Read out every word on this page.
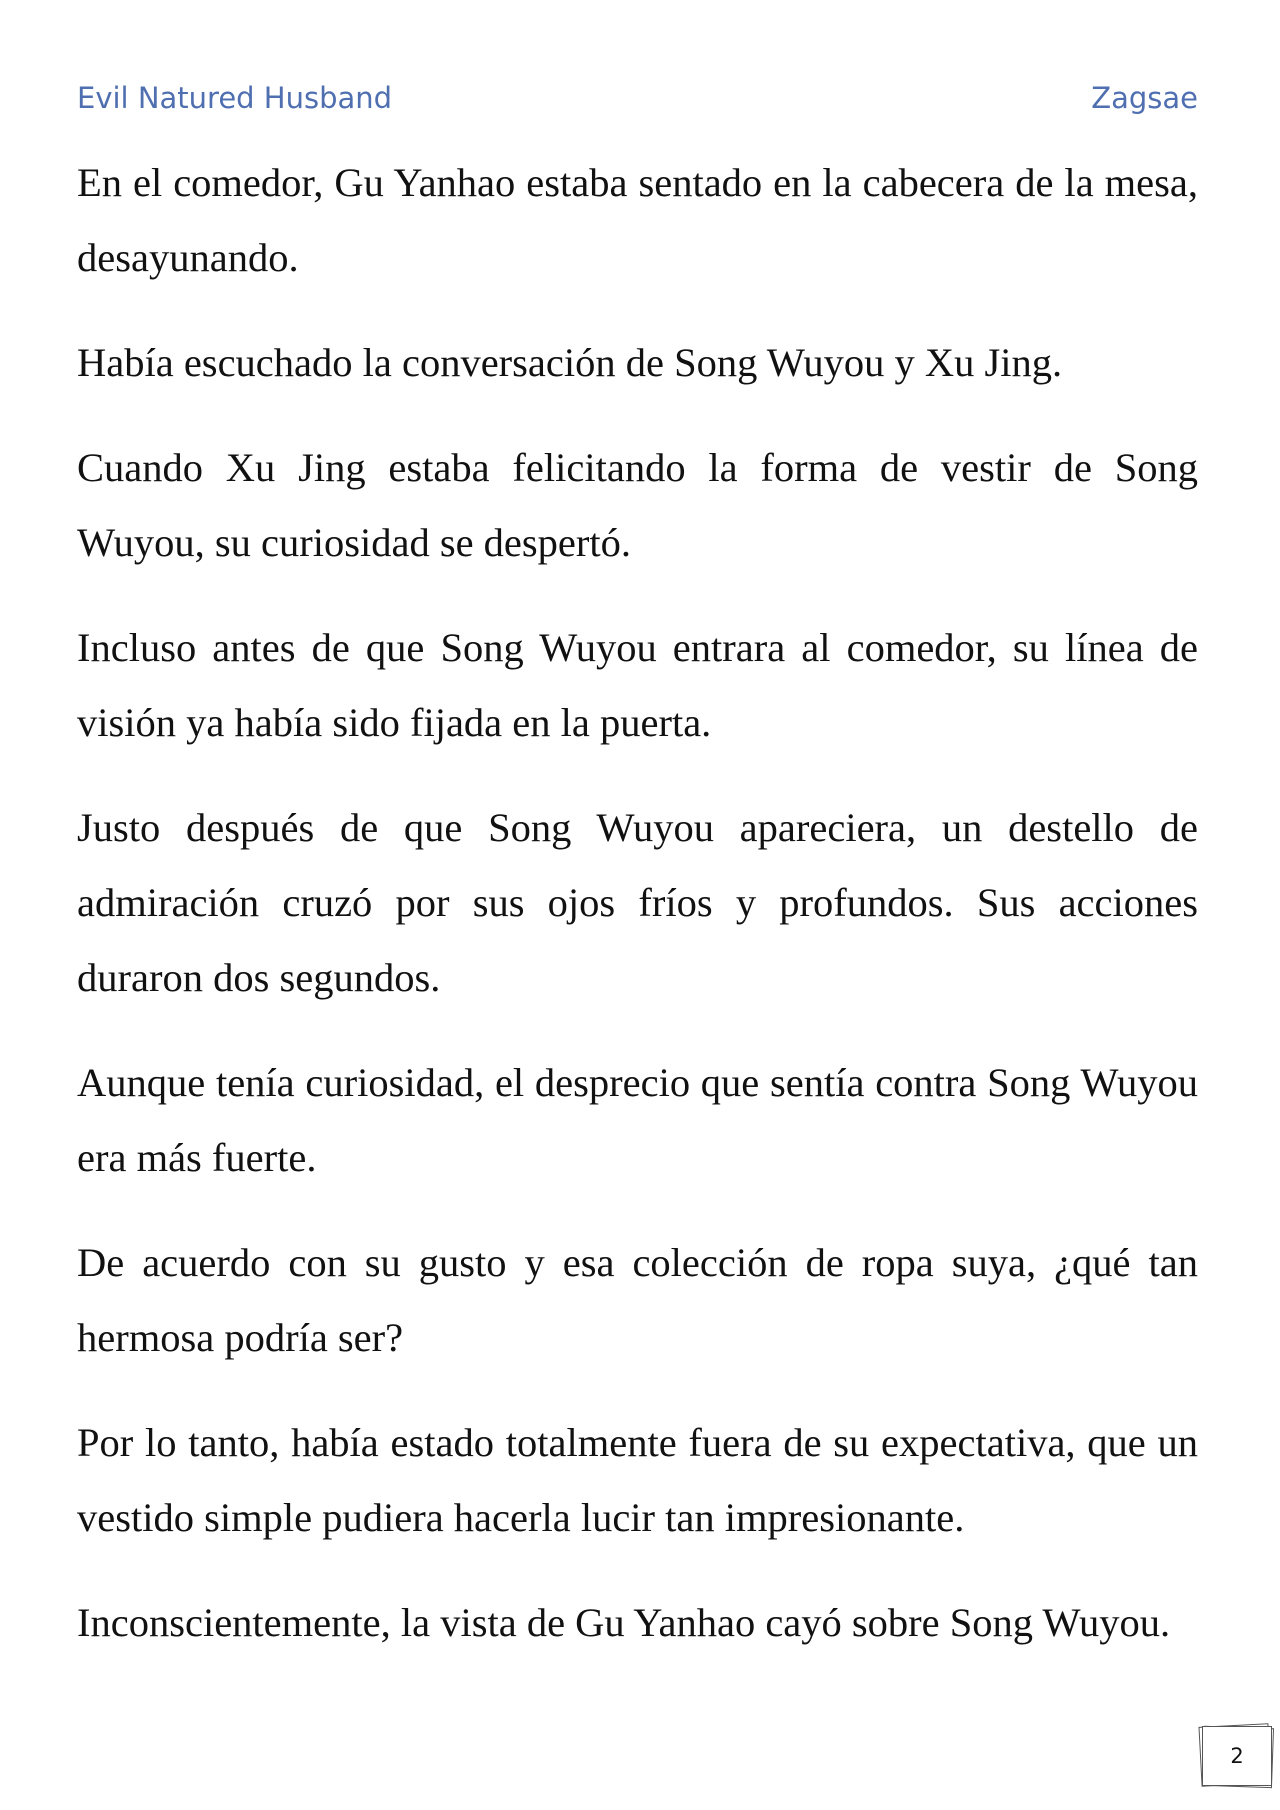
Evil Natured Husband	Zagsae

En el comedor, Gu Yanhao estaba sentado en la cabecera de la mesa, desayunando.

Había escuchado la conversación de Song Wuyou y Xu Jing.

Cuando Xu Jing estaba felicitando la forma de vestir de Song Wuyou, su curiosidad se despertó.

Incluso antes de que Song Wuyou entrara al comedor, su línea de visión ya había sido fijada en la puerta.

Justo después de que Song Wuyou apareciera, un destello de admiración cruzó por sus ojos fríos y profundos. Sus acciones duraron dos segundos.

Aunque tenía curiosidad, el desprecio que sentía contra Song Wuyou era más fuerte.

De acuerdo con su gusto y esa colección de ropa suya, ¿qué tan hermosa podría ser?

Por lo tanto, había estado totalmente fuera de su expectativa, que un vestido simple pudiera hacerla lucir tan impresionante.

Inconscientemente, la vista de Gu Yanhao cayó sobre Song Wuyou.

2
